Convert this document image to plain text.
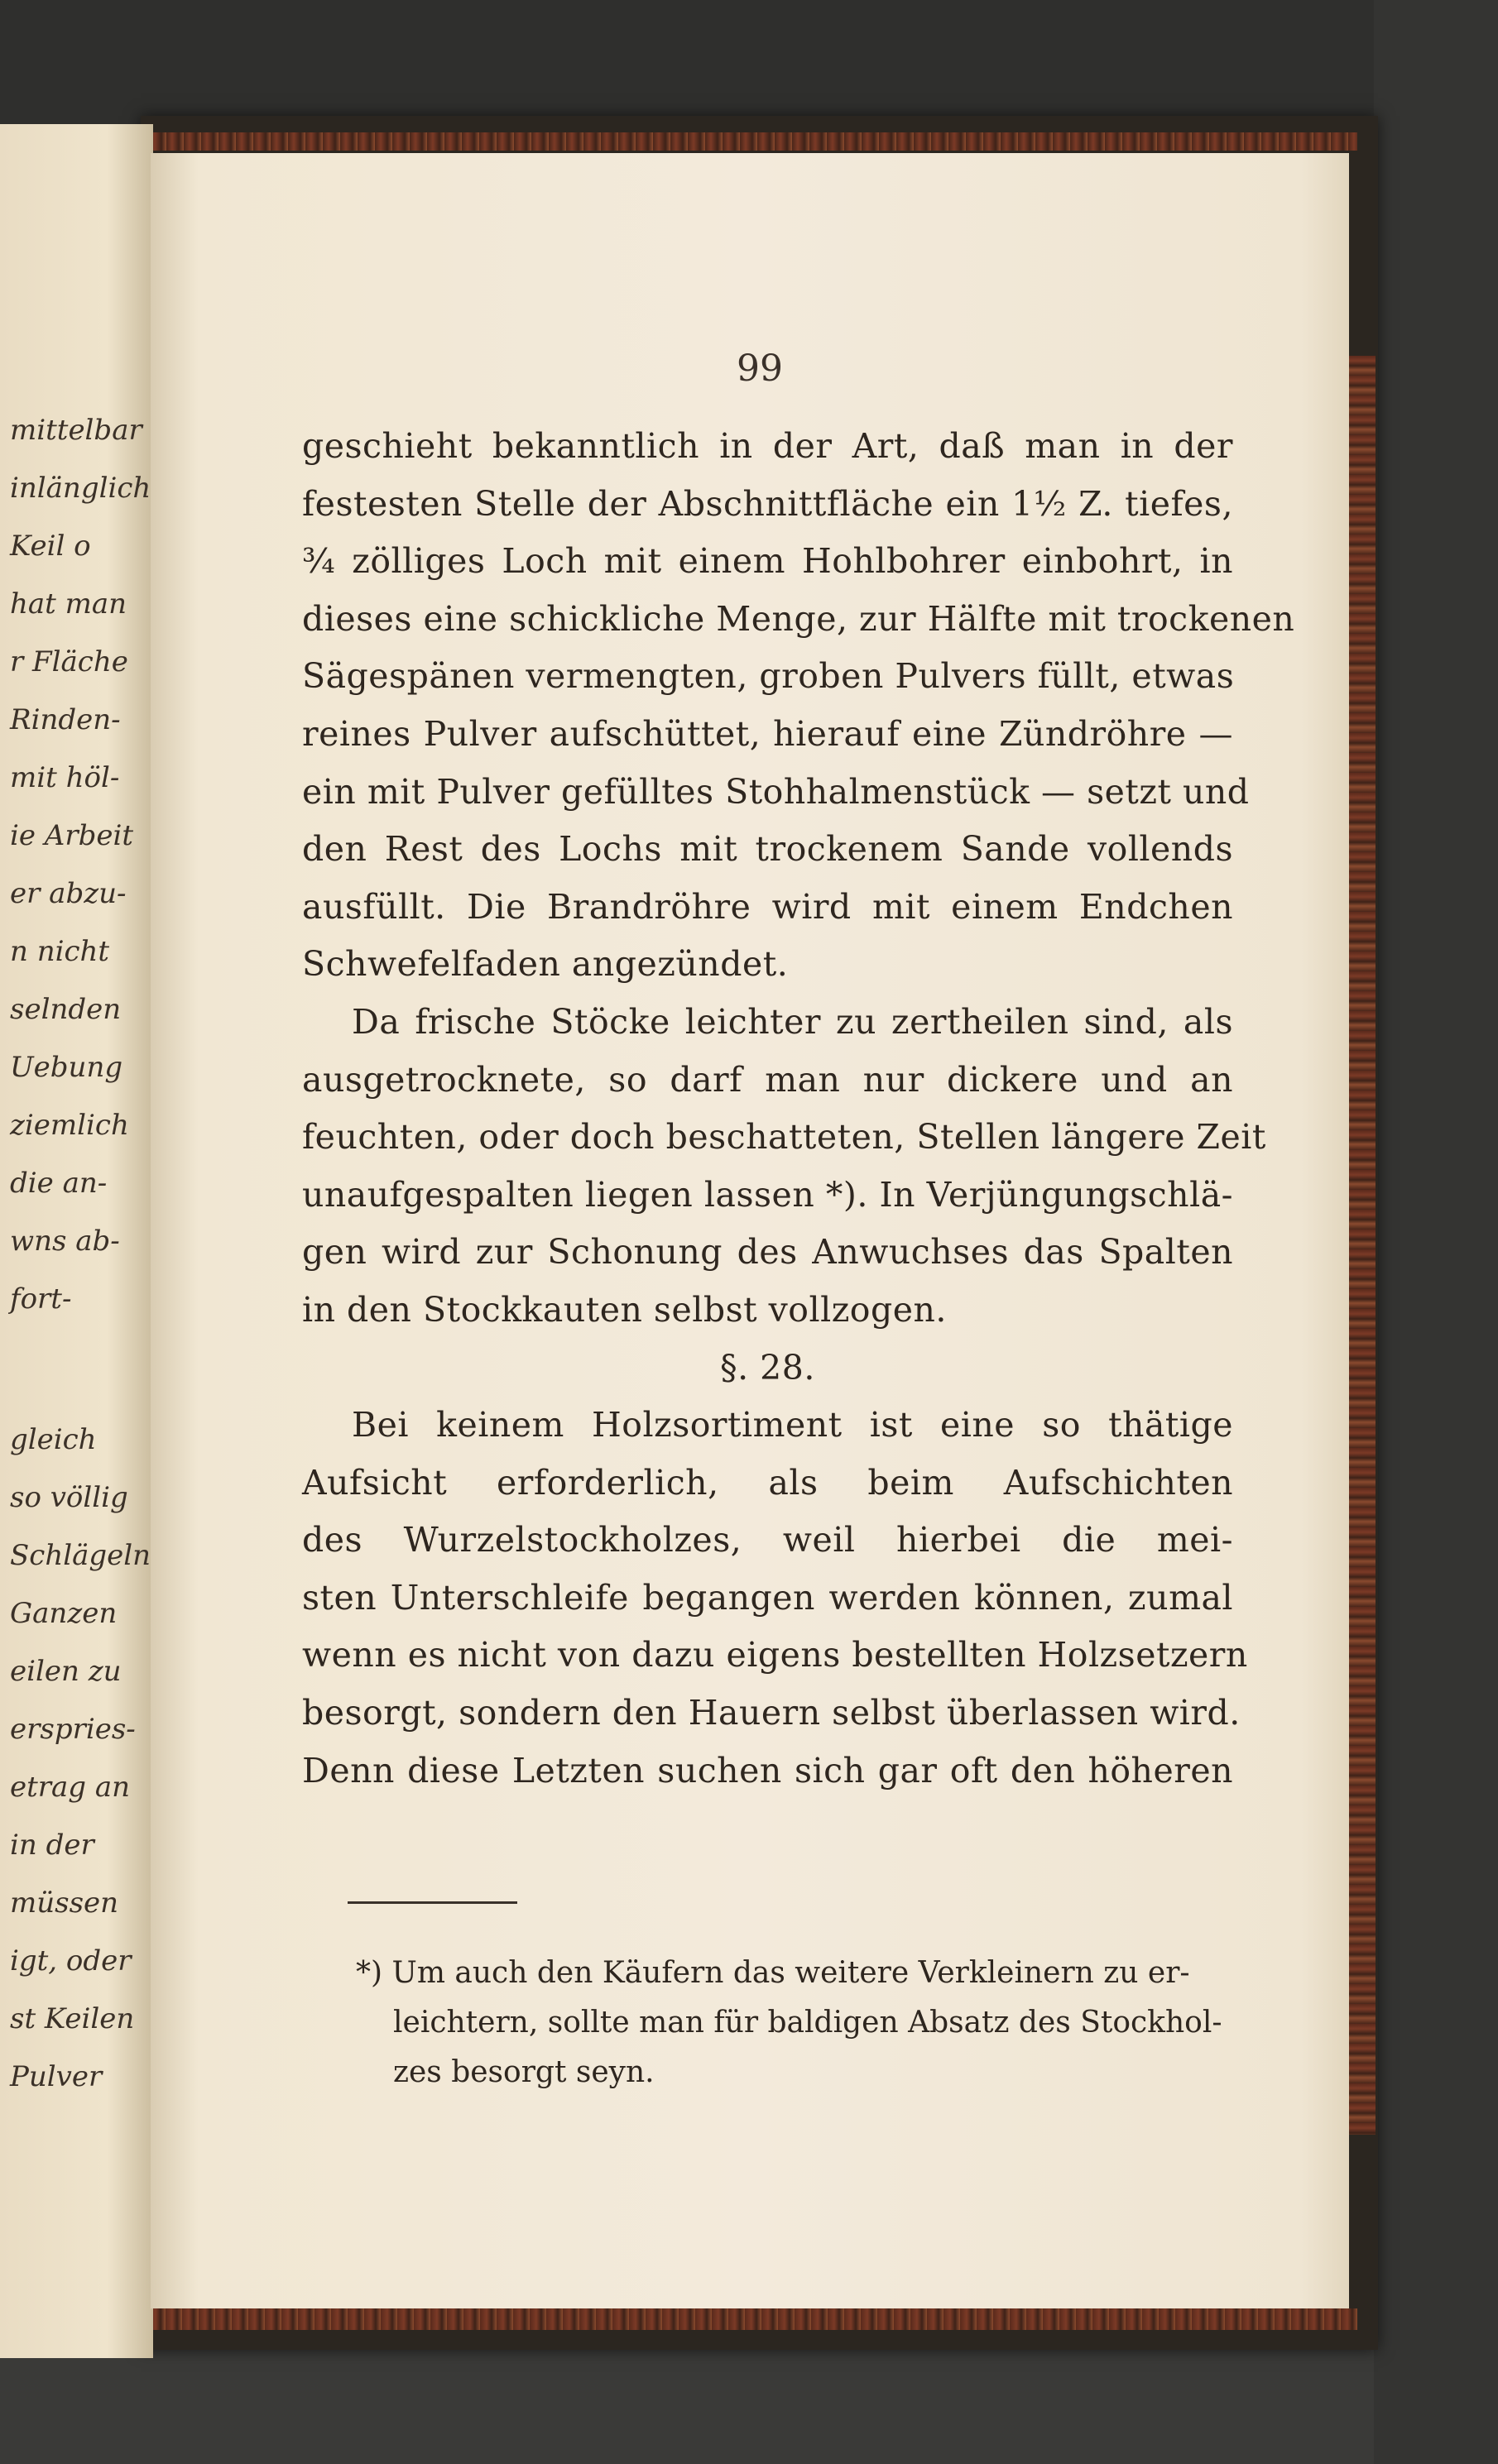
mittelbar
inlänglich
Keil o
hat man
r Fläche
Rinden-
mit höl-
ie Arbeit
er abzu-
n nicht
selnden
Uebung
ziemlich
die an-
wns ab-
fort-
gleich
so völlig
Schlägeln
Ganzen
eilen zu
erspries-
etrag an
in der
müssen
igt, oder
st Keilen
Pulver
99
geschieht bekanntlich in der Art, daß man in der
festesten Stelle der Abschnittfläche ein 1½ Z. tiefes,
¾ zölliges Loch mit einem Hohlbohrer einbohrt, in
dieses eine schickliche Menge, zur Hälfte mit trockenen
Sägespänen vermengten, groben Pulvers füllt, etwas
reines Pulver aufschüttet, hierauf eine Zündröhre —
ein mit Pulver gefülltes Stohhalmenstück — setzt und
den Rest des Lochs mit trockenem Sande vollends
ausfüllt. Die Brandröhre wird mit einem Endchen
Schwefelfaden angezündet.
Da frische Stöcke leichter zu zertheilen sind, als
ausgetrocknete, so darf man nur dickere und an
feuchten, oder doch beschatteten, Stellen längere Zeit
unaufgespalten liegen lassen *). In Verjüngungschlä-
gen wird zur Schonung des Anwuchses das Spalten
in den Stockkauten selbst vollzogen.
§. 28.
Bei keinem Holzsortiment ist eine so thätige
Aufsicht erforderlich, als beim Aufschichten
des Wurzelstockholzes, weil hierbei die mei-
sten Unterschleife begangen werden können, zumal
wenn es nicht von dazu eigens bestellten Holzsetzern
besorgt, sondern den Hauern selbst überlassen wird.
Denn diese Letzten suchen sich gar oft den höheren
*) Um auch den Käufern das weitere Verkleinern zu er-
leichtern, sollte man für baldigen Absatz des Stockhol-
zes besorgt seyn.
